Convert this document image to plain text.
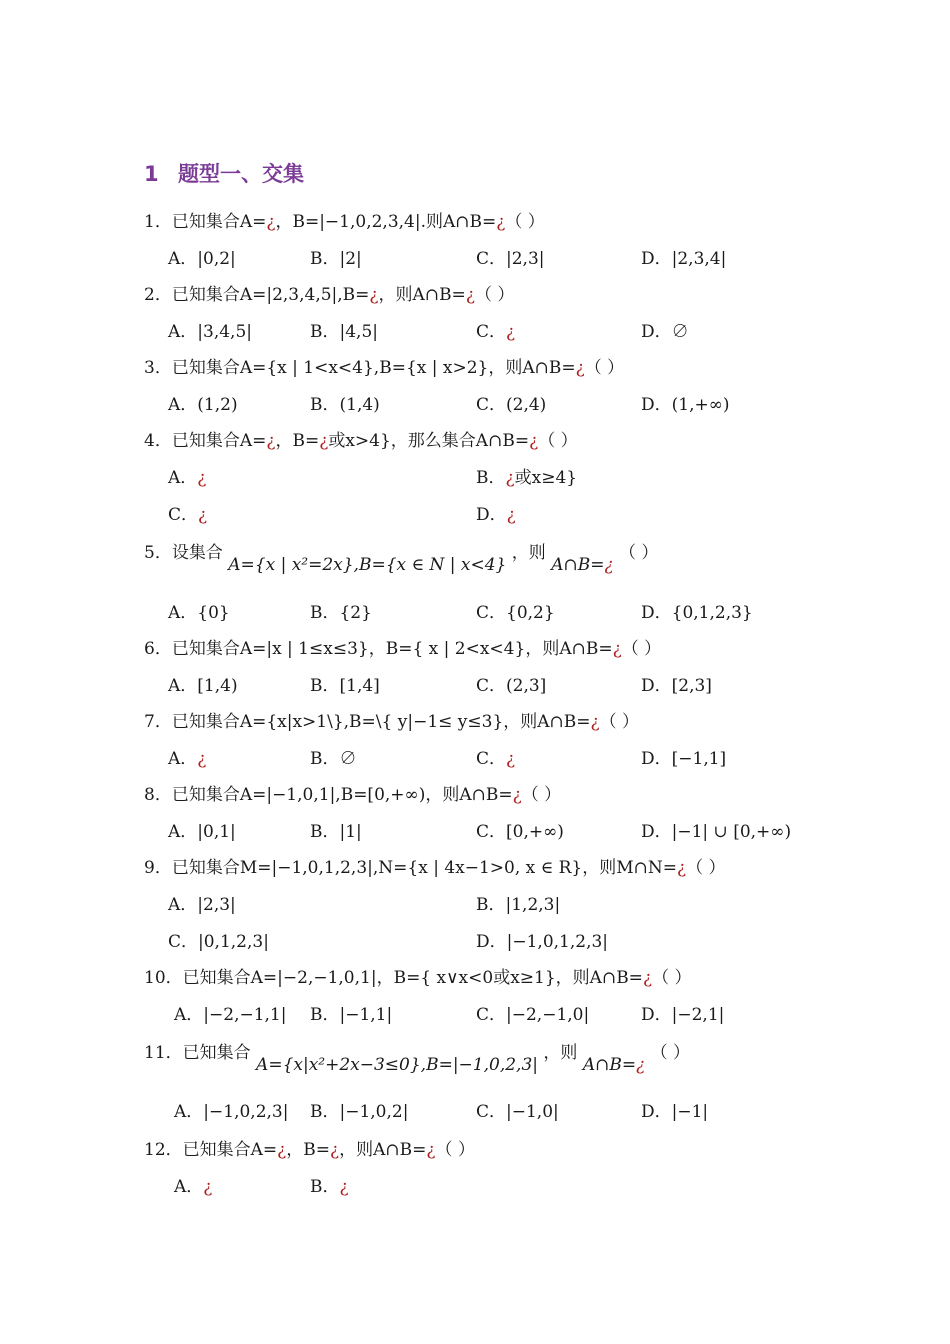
1 题型一、交集
1．已知集合A=¿，B=|−1,0,2,3,4|.则A∩B=¿（ ）
A．|0,2|	B．|2|	C．|2,3|	D．|2,3,4|
2．已知集合A=|2,3,4,5|,B=¿，则A∩B=¿（ ）
A．|3,4,5|	B．|4,5|	C．¿	D．∅
3．已知集合A={x | 1<x<4},B={x | x>2}，则A∩B=¿（ ）
A．(1,2)	B．(1,4)	C．(2,4)	D．(1,+∞)
4．已知集合A=¿，B=¿或x>4}，那么集合A∩B=¿（ ）
A．¿	B．¿或x≥4}
C．¿	D．¿
5．设集合 A={x | x²=2x},B={x ∈ N | x<4} ，则 A∩B=¿ （ ）
A．{0}	B．{2}	C．{0,2}	D．{0,1,2,3}
6．已知集合A=|x | 1≤x≤3}，B={ x | 2<x<4}，则A∩B=¿（ ）
A．[1,4)	B．[1,4]	C．(2,3]	D．[2,3]
7．已知集合A={x|x>1\},B=\{ y|−1≤ y≤3}，则A∩B=¿（ ）
A．¿	B．∅	C．¿	D．[−1,1]
8．已知集合A=|−1,0,1|,B=[0,+∞)，则A∩B=¿（ ）
A．|0,1|	B．|1|	C．[0,+∞)	D．|−1| ∪ [0,+∞)
9．已知集合M=|−1,0,1,2,3|,N={x | 4x−1>0, x ∈ R}，则M∩N=¿（ ）
A．|2,3|	B．|1,2,3|
C．|0,1,2,3|	D．|−1,0,1,2,3|
10．已知集合A=|−2,−1,0,1|，B={ x∨x<0或x≥1}，则A∩B=¿（ ）
A．|−2,−1,1| B．|−1,1|	C．|−2,−1,0|	D．|−2,1|
11．已知集合 A={x|x²+2x−3≤0},B=|−1,0,2,3| ，则 A∩B=¿ （ ）
A．|−1,0,2,3| B．|−1,0,2|	C．|−1,0|	D．|−1|
12．已知集合A=¿，B=¿，则A∩B=¿（ ）
A．¿	B．¿
